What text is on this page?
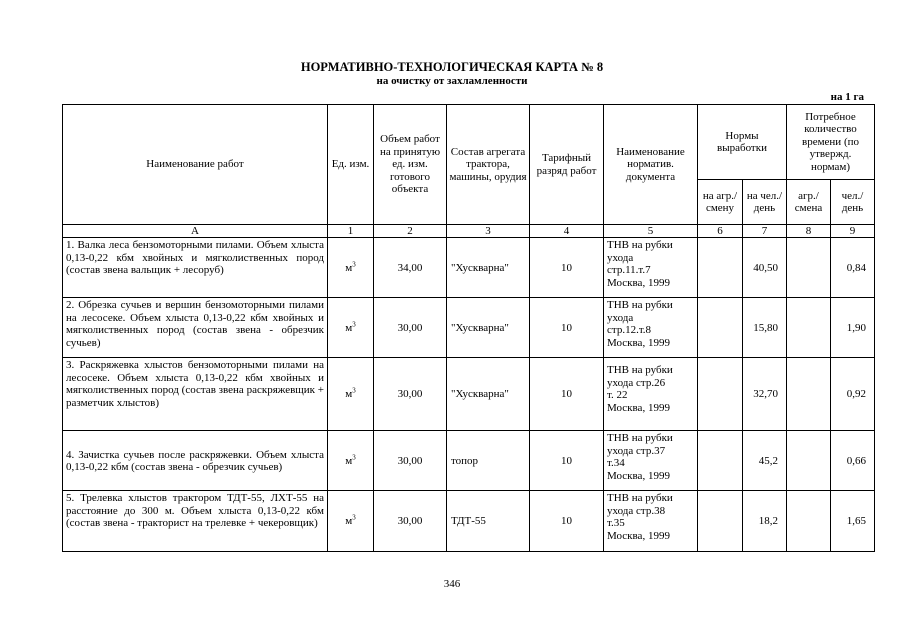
НОРМАТИВНО-ТЕХНОЛОГИЧЕСКАЯ КАРТА № 8
на очистку от захламленности
на 1 га
Наименование работ	Ед. изм.	Объем работ на принятую ед. изм. готового объекта	Состав агрегата трактора, машины, орудия	Тарифный разряд работ	Наименование норматив. документа	Нормы выработки		Потребное количество времени (по утвержд. нормам)	
						на агр./ смену	на чел./ день	агр./ смена	чел./ день
А	1	2	3	4	5	6	7	8	9
1. Валка леса бензомоторными пилами. Объем хлыста 0,13-0,22 кбм хвойных и мягколиственных пород (состав звена вальщик + лесоруб)	$м^3$	34,00	"Хускварна"	10	ТНВ на рубки
ухода
стр.11.т.7
Москва, 1999		40,50		0,84
2. Обрезка сучьев и вершин бензомоторными пилами на лесосеке. Объем хлыста 0,13-0,22 кбм хвойных и мягколиственных пород (состав звена - обрезчик сучьев)	$м^3$	30,00	"Хускварна"	10	ТНВ на рубки
ухода
стр.12.т.8
Москва, 1999		15,80		1,90
3. Раскряжевка хлыстов бензомоторными пилами на лесосеке. Объем хлыста 0,13-0,22 кбм хвойных и мягколиственных пород (состав звена раскряжевщик + разметчик хлыстов)	$м^3$	30,00	"Хускварна"	10	ТНВ на рубки
ухода стр.26
т. 22
Москва, 1999		32,70		0,92
4. Зачистка сучьев после раскряжевки. Объем хлыста 0,13-0,22 кбм (состав звена - обрезчик сучьев)	$м^3$	30,00	топор	10	ТНВ на рубки
ухода стр.37
т.34
Москва, 1999		45,2		0,66
5. Трелевка хлыстов трактором ТДТ-55, ЛХТ-55 на расстояние до 300 м. Объем хлыста 0,13-0,22 кбм (состав звена - тракторист на трелевке + чекеровщик)	$м^3$	30,00	ТДТ-55	10	ТНВ на рубки
ухода стр.38
т.35
Москва, 1999		18,2		1,65
346
